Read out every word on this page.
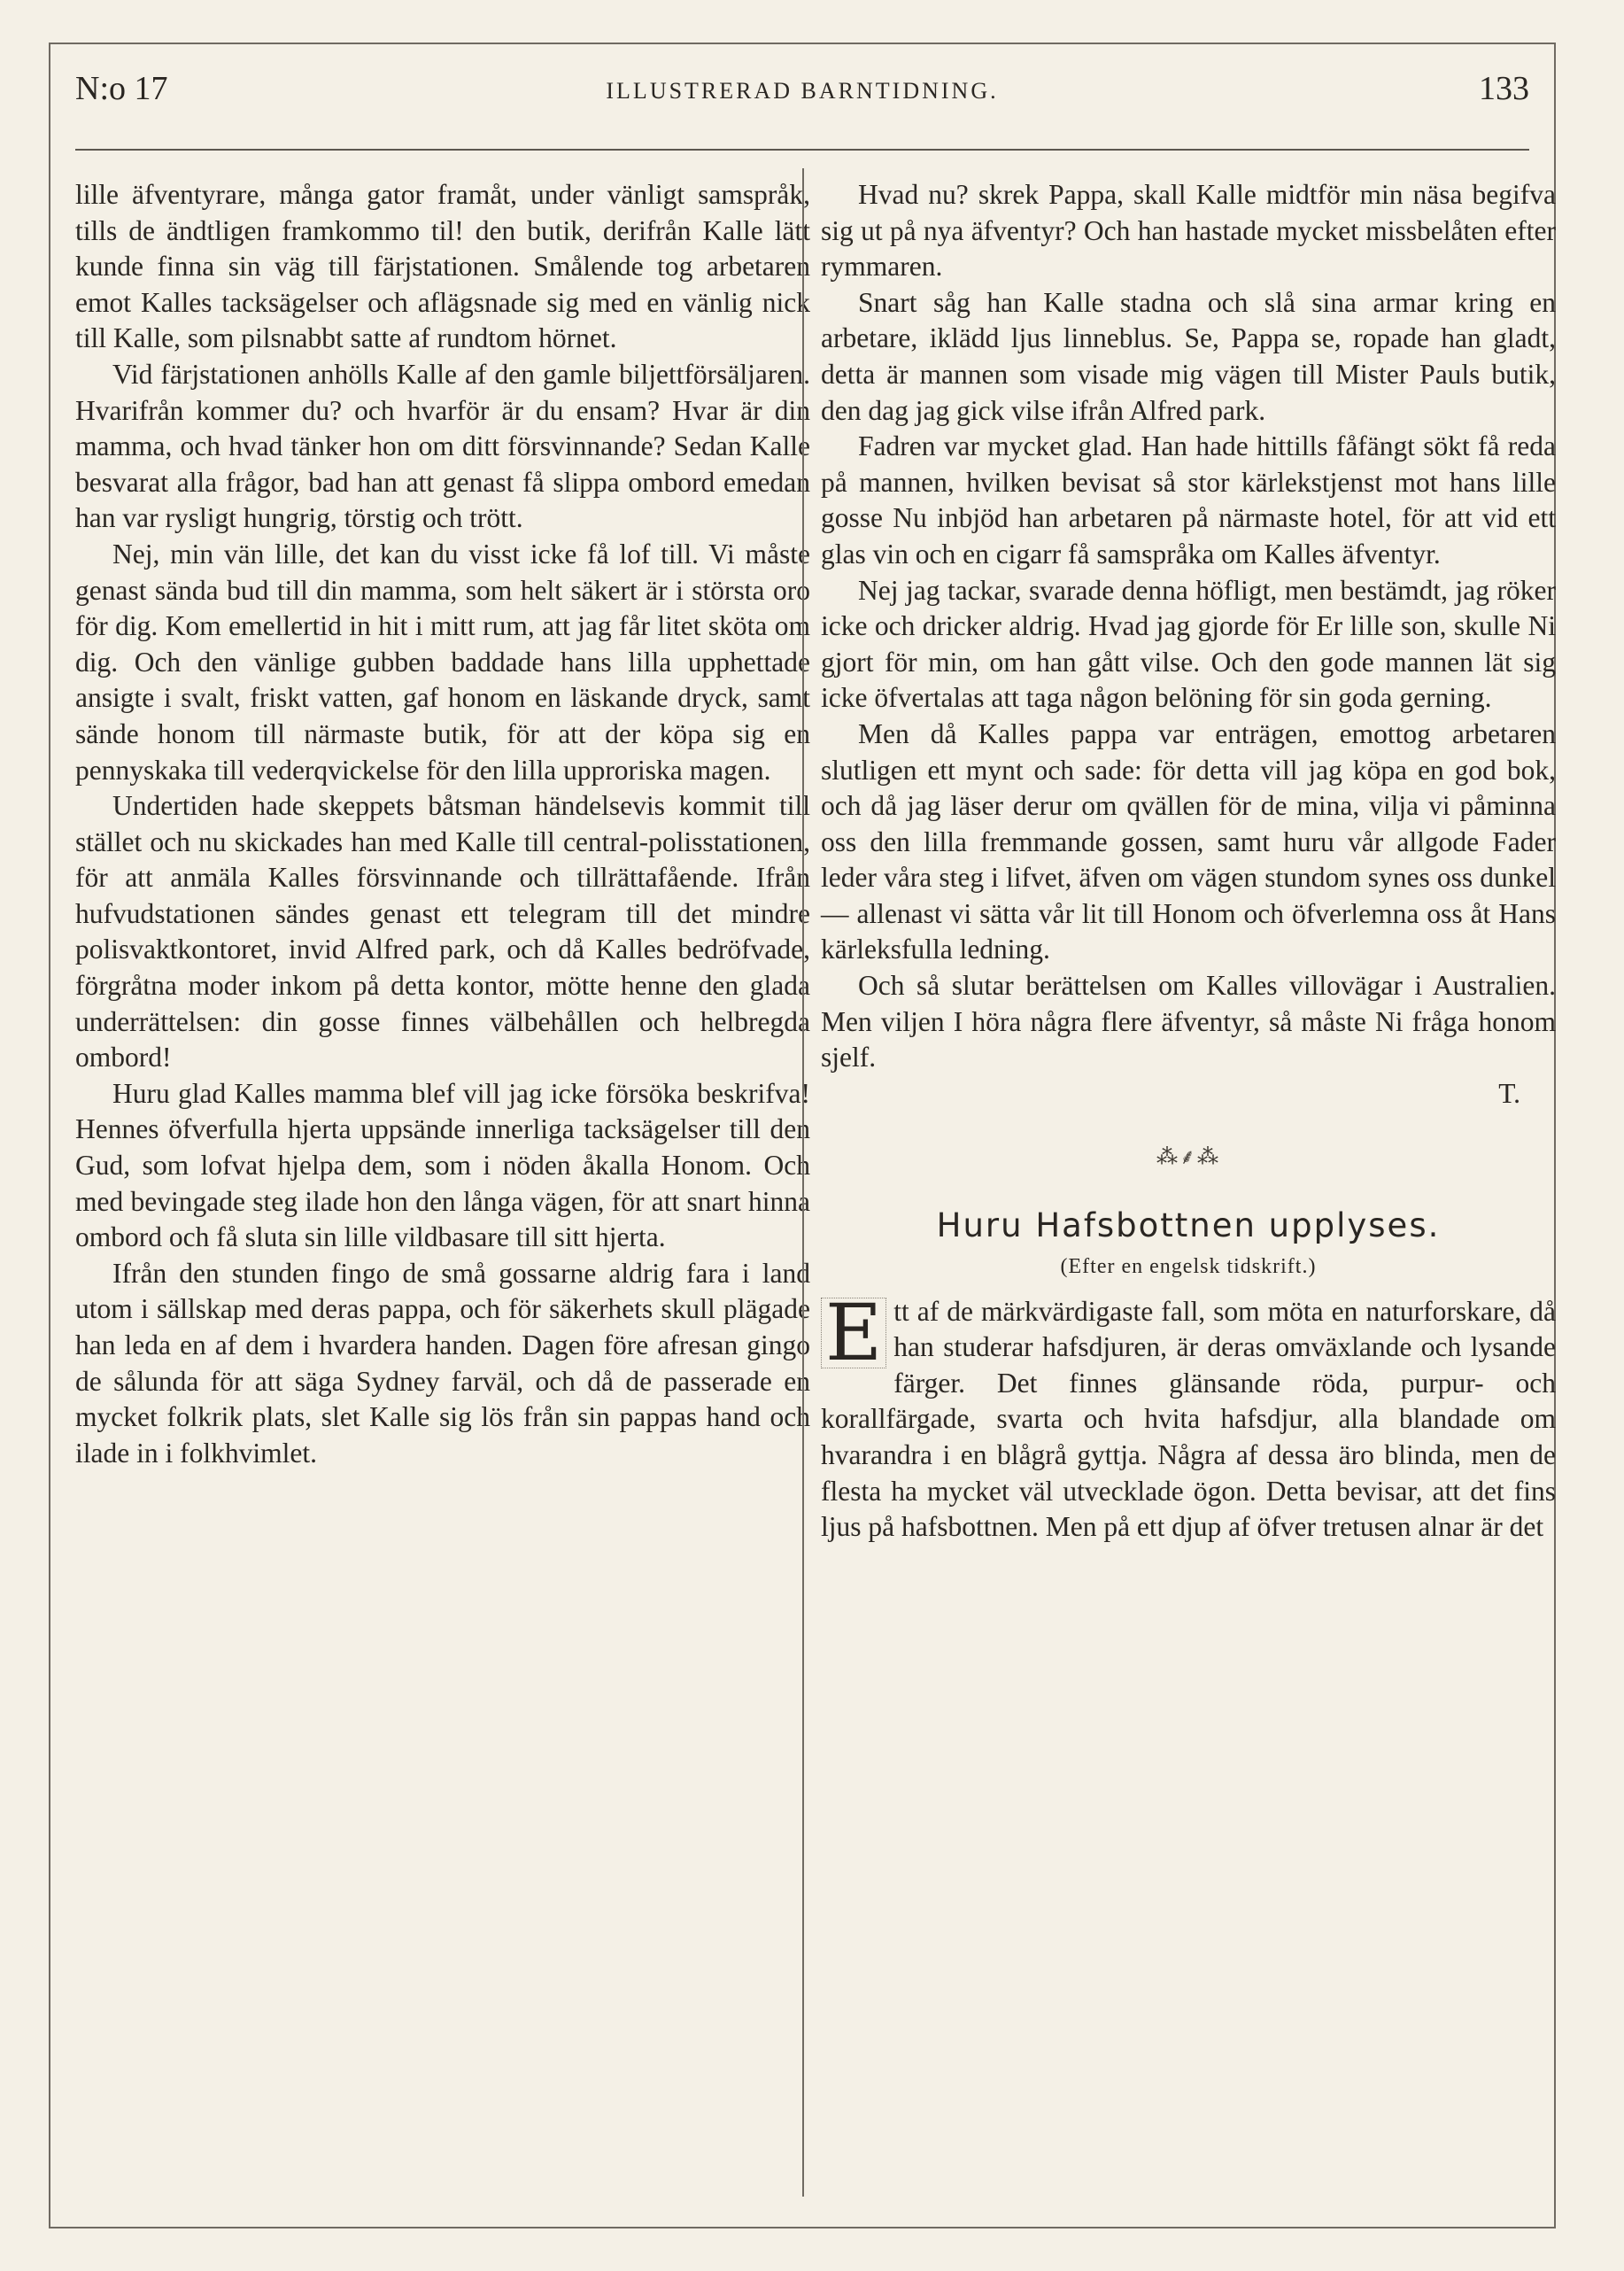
N:o 17	ILLUSTRERAD BARNTIDNING.	133

lille äfventyrare, många gator framåt, under vänligt samspråk, tills de ändtligen framkommo til! den butik, derifrån Kalle lätt kunde finna sin väg till färjstationen. Smålende tog arbetaren emot Kalles tacksägelser och aflägsnade sig med en vänlig nick till Kalle, som pilsnabbt satte af rundtom hörnet.

Vid färjstationen anhölls Kalle af den gamle biljettförsäljaren. Hvarifrån kommer du? och hvarför är du ensam? Hvar är din mamma, och hvad tänker hon om ditt försvinnande? Sedan Kalle besvarat alla frågor, bad han att genast få slippa ombord emedan han var rysligt hungrig, törstig och trött.

Nej, min vän lille, det kan du visst icke få lof till. Vi måste genast sända bud till din mamma, som helt säkert är i största oro för dig. Kom emellertid in hit i mitt rum, att jag får litet sköta om dig. Och den vänlige gubben baddade hans lilla upphettade ansigte i svalt, friskt vatten, gaf honom en läskande dryck, samt sände honom till närmaste butik, för att der köpa sig en pennyskaka till vederqvickelse för den lilla upproriska magen.

Undertiden hade skeppets båtsman händelsevis kommit till stället och nu skickades han med Kalle till central-polisstationen, för att anmäla Kalles försvinnande och tillrättafående. Ifrån hufvudstationen sändes genast ett telegram till det mindre polisvaktkontoret, invid Alfred park, och då Kalles bedröfvade, förgråtna moder inkom på detta kontor, mötte henne den glada underrättelsen: din gosse finnes välbehållen och helbregda ombord!

Huru glad Kalles mamma blef vill jag icke försöka beskrifva! Hennes öfverfulla hjerta uppsände innerliga tacksägelser till den Gud, som lofvat hjelpa dem, som i nöden åkalla Honom. Och med bevingade steg ilade hon den långa vägen, för att snart hinna ombord och få sluta sin lille vildbasare till sitt hjerta.

Ifrån den stunden fingo de små gossarne aldrig fara i land utom i sällskap med deras pappa, och för säkerhets skull plägade han leda en af dem i hvardera handen. Dagen före afresan gingo de sålunda för att säga Sydney farväl, och då de passerade en mycket folkrik plats, slet Kalle sig lös från sin pappas hand och ilade in i folkhvimlet.

Hvad nu? skrek Pappa, skall Kalle midtför min näsa begifva sig ut på nya äfventyr? Och han hastade mycket missbelåten efter rymmaren.

Snart såg han Kalle stadna och slå sina armar kring en arbetare, iklädd ljus linneblus. Se, Pappa se, ropade han gladt, detta är mannen som visade mig vägen till Mister Pauls butik, den dag jag gick vilse ifrån Alfred park.

Fadren var mycket glad. Han hade hittills fåfängt sökt få reda på mannen, hvilken bevisat så stor kärlekstjenst mot hans lille gosse Nu inbjöd han arbetaren på närmaste hotel, för att vid ett glas vin och en cigarr få samspråka om Kalles äfventyr.

Nej jag tackar, svarade denna höfligt, men bestämdt, jag röker icke och dricker aldrig. Hvad jag gjorde för Er lille son, skulle Ni gjort för min, om han gått vilse. Och den gode mannen lät sig icke öfvertalas att taga någon belöning för sin goda gerning.

Men då Kalles pappa var enträgen, emottog arbetaren slutligen ett mynt och sade: för detta vill jag köpa en god bok, och då jag läser derur om qvällen för de mina, vilja vi påminna oss den lilla fremmande gossen, samt huru vår allgode Fader leder våra steg i lifvet, äfven om vägen stundom synes oss dunkel — allenast vi sätta vår lit till Honom och öfverlemna oss åt Hans kärleksfulla ledning.

Och så slutar berättelsen om Kalles villovägar i Australien. Men viljen I höra några flere äfventyr, så måste Ni fråga honom sjelf.

T.

⁂⸙⁂
Huru Hafsbottnen upplyses.
(Efter en engelsk tidskrift.)

E tt af de märkvärdigaste fall, som möta en naturforskare, då han studerar hafsdjuren, är deras omväxlande och lysande färger. Det finnes glänsande röda, purpur- och korallfärgade, svarta och hvita hafsdjur, alla blandade om hvarandra i en blågrå gyttja. Några af dessa äro blinda, men de flesta ha mycket väl utvecklade ögon. Detta bevisar, att det fins ljus på hafsbottnen. Men på ett djup af öfver tretusen alnar är det
